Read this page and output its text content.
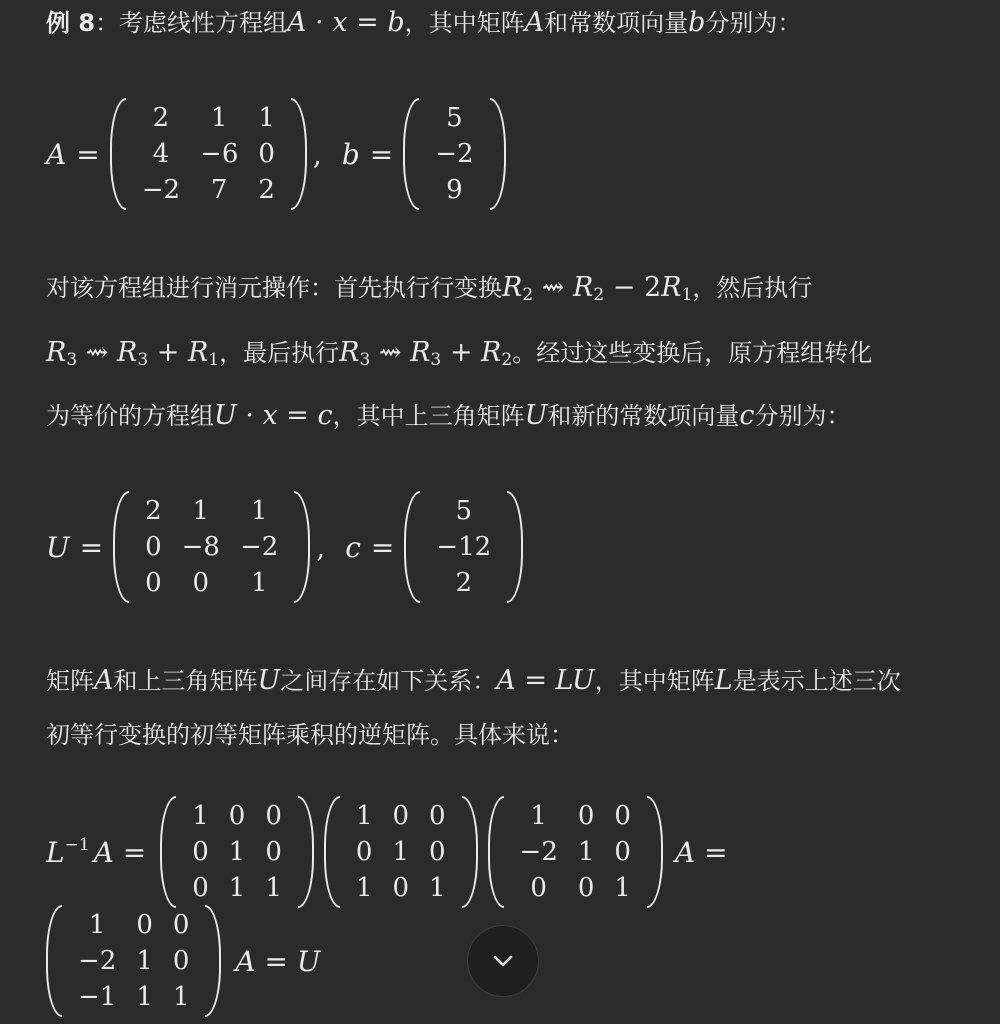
例 8：考虑线性方程组A · x = b，其中矩阵A和常数项向量b分别为：
A =
2	1	1
4	−6 0
−2	7	2
, b =
5
−2
9
对该方程组进行消元操作：首先执行行变换$R_2$ ⇝ $R_2 - 2R_1$，然后执行
$R_3$ ⇝ $R_3 + R_1$，最后执行$R_3$ ⇝ $R_3 + R_2$。经过这些变换后，原方程组转化
为等价的方程组U · x = c，其中上三角矩阵U和新的常数项向量c分别为：
U =
2	1	1
0 −8 −2
0	0	1
, c =
5
−12
2
矩阵A和上三角矩阵U之间存在如下关系：A = LU，其中矩阵L是表示上述三次
初等行变换的初等矩阵乘积的逆矩阵。具体来说：
$L^{-1}$ A =
1 0 0
0 1 0
0 1 1
1 0 0
0 1 0
1 0 1
1	0 0
−2 1 0
0	0 1
A =
1	0 0
−2 1 0
−1 1 1
A = U
